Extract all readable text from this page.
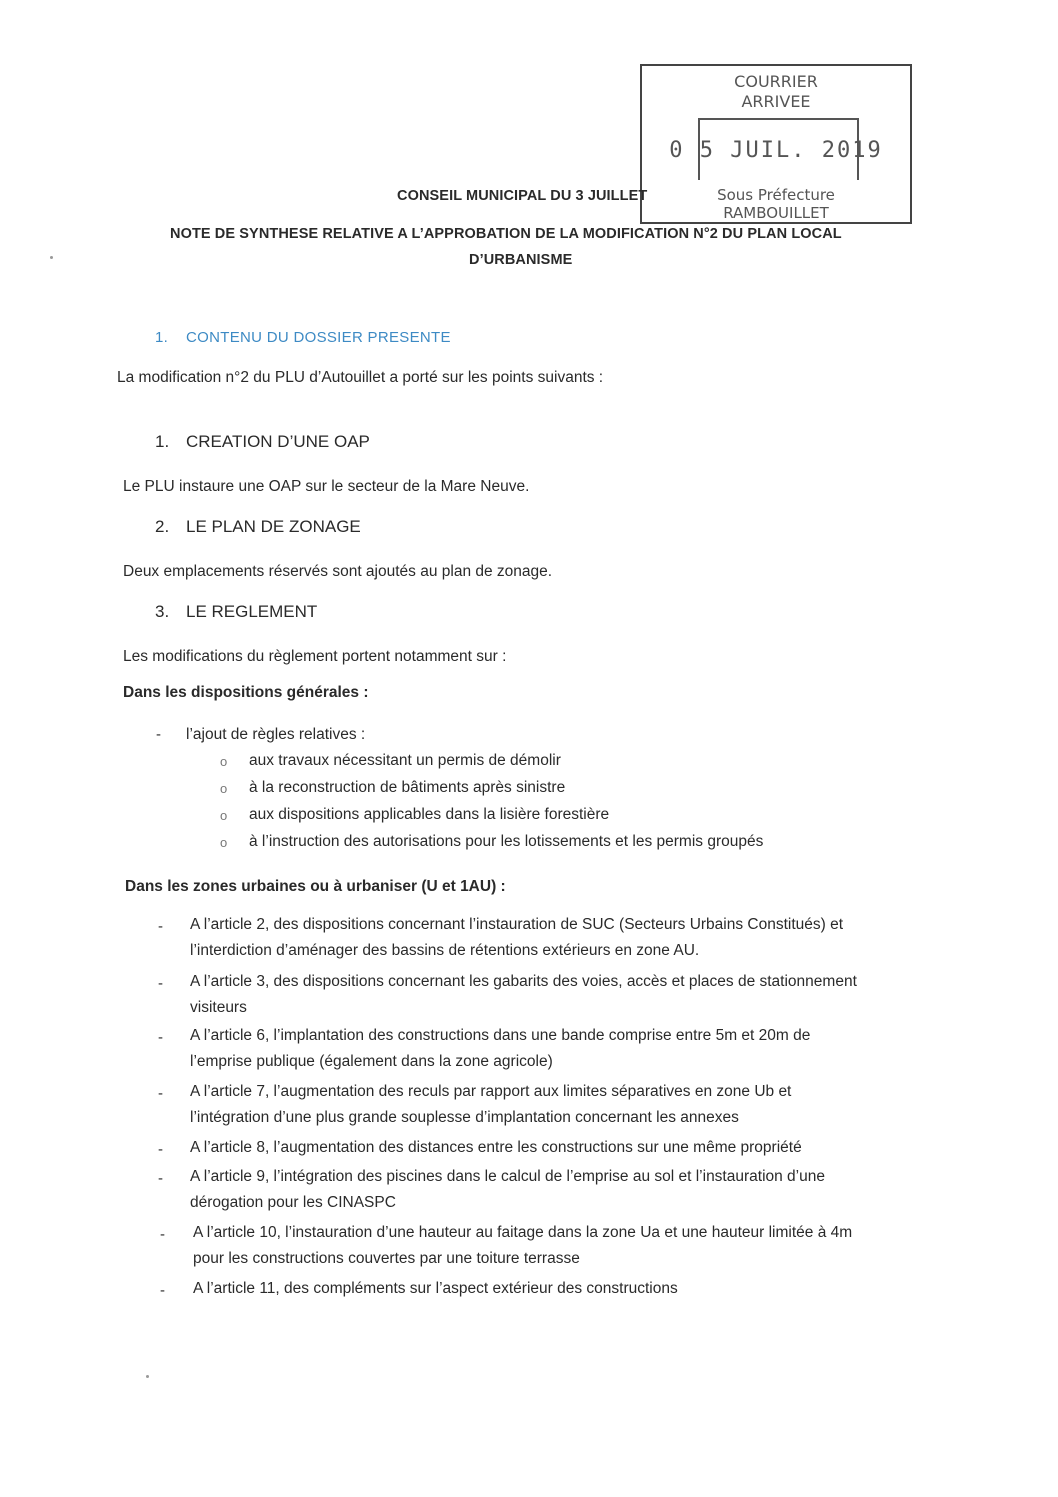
COURRIER
ARRIVEE
0 5 JUIL. 2019
Sous Préfecture
RAMBOUILLET
CONSEIL MUNICIPAL DU 3 JUILLET
NOTE DE SYNTHESE RELATIVE A L’APPROBATION DE LA MODIFICATION N°2 DU PLAN LOCAL
D’URBANISME
1. CONTENU DU DOSSIER PRESENTE
La modification n°2 du PLU d’Autouillet a porté sur les points suivants :
1. CREATION D’UNE OAP
Le PLU instaure une OAP sur le secteur de la Mare Neuve.
2. LE PLAN DE ZONAGE
Deux emplacements réservés sont ajoutés au plan de zonage.
3. LE REGLEMENT
Les modifications du règlement portent notamment sur :
Dans les dispositions générales :
- l’ajout de règles relatives :
o aux travaux nécessitant un permis de démolir
o à la reconstruction de bâtiments après sinistre
o aux dispositions applicables dans la lisière forestière
o à l’instruction des autorisations pour les lotissements et les permis groupés
Dans les zones urbaines ou à urbaniser (U et 1AU) :
- A l’article 2, des dispositions concernant l’instauration de SUC (Secteurs Urbains Constitués) et
l’interdiction d’aménager des bassins de rétentions extérieurs en zone AU.
- A l’article 3, des dispositions concernant les gabarits des voies, accès et places de stationnement
visiteurs
- A l’article 6, l’implantation des constructions dans une bande comprise entre 5m et 20m de
l’emprise publique (également dans la zone agricole)
- A l’article 7, l’augmentation des reculs par rapport aux limites séparatives en zone Ub et
l’intégration d’une plus grande souplesse d’implantation concernant les annexes
- A l’article 8, l’augmentation des distances entre les constructions sur une même propriété
- A l’article 9, l’intégration des piscines dans le calcul de l’emprise au sol et l’instauration d’une
dérogation pour les CINASPC
- A l’article 10, l’instauration d’une hauteur au faitage dans la zone Ua et une hauteur limitée à 4m
pour les constructions couvertes par une toiture terrasse
- A l’article 11, des compléments sur l’aspect extérieur des constructions
